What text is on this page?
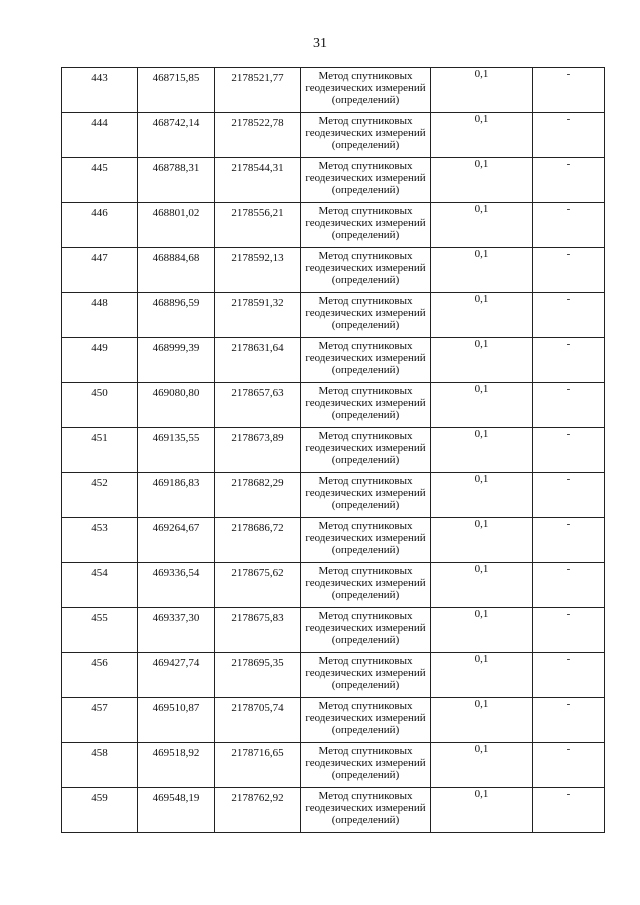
31
443	468715,85	2178521,77	Метод спутниковых
геодезических измерений
(определений)	0,1	-

444	468742,14	2178522,78	Метод спутниковых
геодезических измерений
(определений)	0,1	-

445	468788,31	2178544,31	Метод спутниковых
геодезических измерений
(определений)	0,1	-

446	468801,02	2178556,21	Метод спутниковых
геодезических измерений
(определений)	0,1	-

447	468884,68	2178592,13	Метод спутниковых
геодезических измерений
(определений)	0,1	-

448	468896,59	2178591,32	Метод спутниковых
геодезических измерений
(определений)	0,1	-

449	468999,39	2178631,64	Метод спутниковых
геодезических измерений
(определений)	0,1	-

450	469080,80	2178657,63	Метод спутниковых
геодезических измерений
(определений)	0,1	-

451	469135,55	2178673,89	Метод спутниковых
геодезических измерений
(определений)	0,1	-

452	469186,83	2178682,29	Метод спутниковых
геодезических измерений
(определений)	0,1	-

453	469264,67	2178686,72	Метод спутниковых
геодезических измерений
(определений)	0,1	-

454	469336,54	2178675,62	Метод спутниковых
геодезических измерений
(определений)	0,1	-

455	469337,30	2178675,83	Метод спутниковых
геодезических измерений
(определений)	0,1	-

456	469427,74	2178695,35	Метод спутниковых
геодезических измерений
(определений)	0,1	-

457	469510,87	2178705,74	Метод спутниковых
геодезических измерений
(определений)	0,1	-

458	469518,92	2178716,65	Метод спутниковых
геодезических измерений
(определений)	0,1	-

459	469548,19	2178762,92	Метод спутниковых
геодезических измерений
(определений)	0,1	-
